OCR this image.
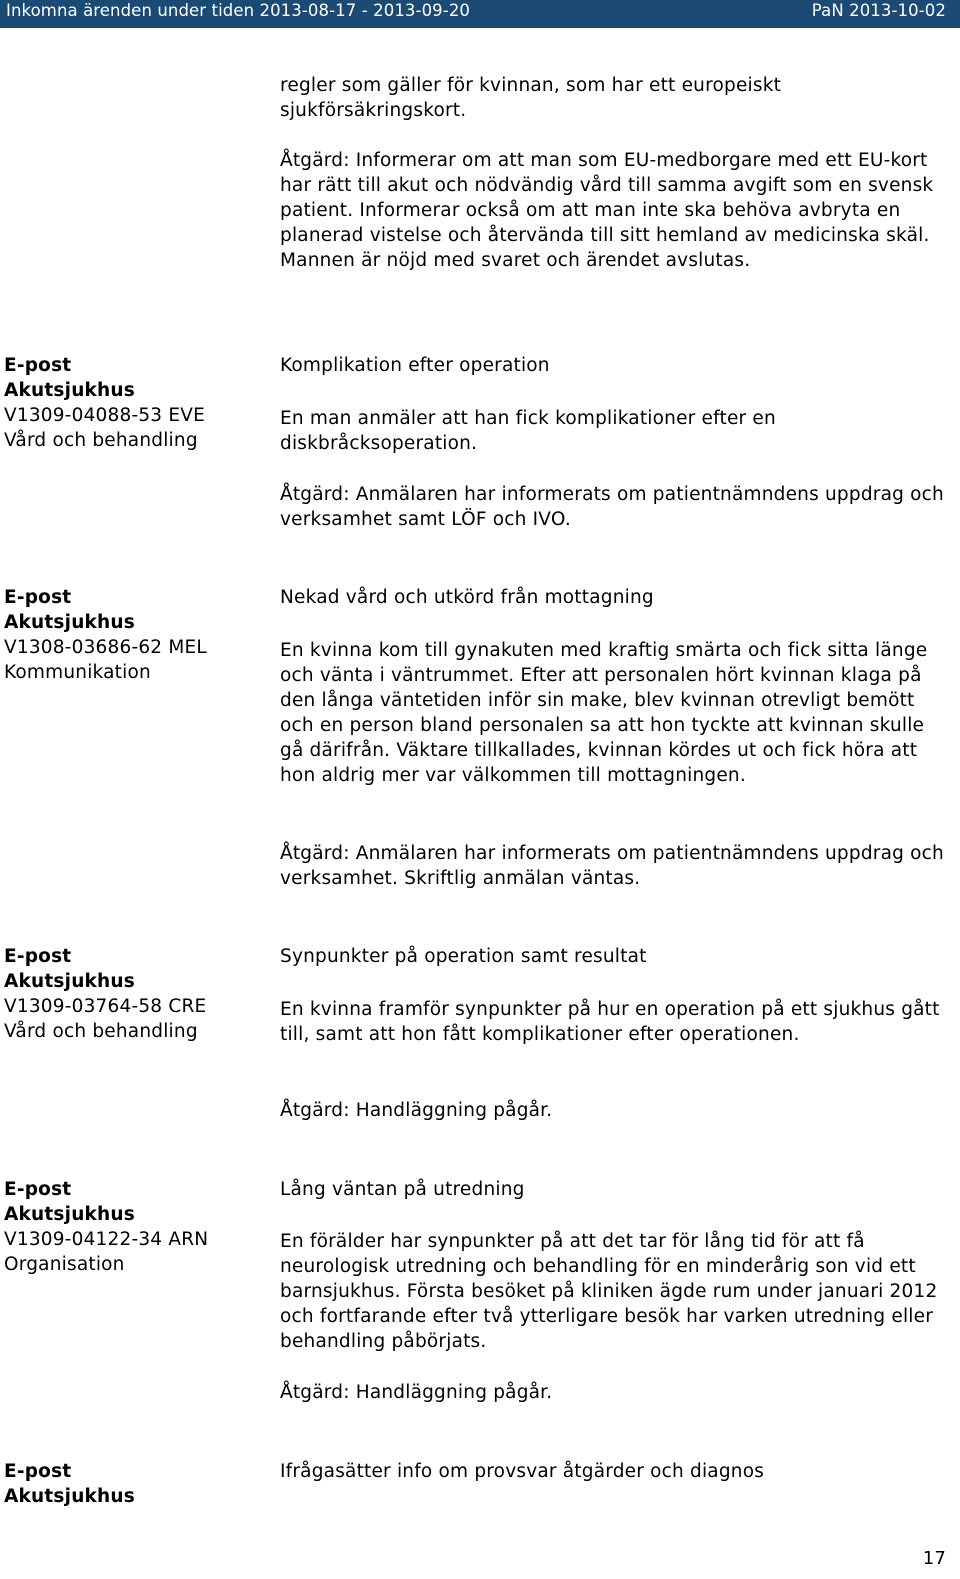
Inkomna ärenden under tiden 2013-08-17 - 2013-09-20	PaN 2013-10-02

regler som gäller för kvinnan, som har ett europeiskt sjukförsäkringskort.

Åtgärd: Informerar om att man som EU-medborgare med ett EU-kort har rätt till akut och nödvändig vård till samma avgift som en svensk patient. Informerar också om att man inte ska behöva avbryta en planerad vistelse och återvända till sitt hemland av medicinska skäl. Mannen är nöjd med svaret och ärendet avslutas.

E-post
Akutsjukhus
V1309-04088-53 EVE
Vård och behandling

Komplikation efter operation

En man anmäler att han fick komplikationer efter en diskbråcksoperation.

Åtgärd: Anmälaren har informerats om patientnämndens uppdrag och verksamhet samt LÖF och IVO.

E-post
Akutsjukhus
V1308-03686-62 MEL
Kommunikation

Nekad vård och utkörd från mottagning

En kvinna kom till gynakuten med kraftig smärta och fick sitta länge och vänta i väntrummet. Efter att personalen hört kvinnan klaga på den långa väntetiden inför sin make, blev kvinnan otrevligt bemött och en person bland personalen sa att hon tyckte att kvinnan skulle gå därifrån. Väktare tillkallades, kvinnan kördes ut och fick höra att hon aldrig mer var välkommen till mottagningen.

Åtgärd: Anmälaren har informerats om patientnämndens uppdrag och verksamhet. Skriftlig anmälan väntas.

E-post
Akutsjukhus
V1309-03764-58 CRE
Vård och behandling

Synpunkter på operation samt resultat

En kvinna framför synpunkter på hur en operation på ett sjukhus gått till, samt att hon fått komplikationer efter operationen.

Åtgärd: Handläggning pågår.

E-post
Akutsjukhus
V1309-04122-34 ARN
Organisation

Lång väntan på utredning

En förälder har synpunkter på att det tar för lång tid för att få neurologisk utredning och behandling för en minderårig son vid ett barnsjukhus. Första besöket på kliniken ägde rum under januari 2012 och fortfarande efter två ytterligare besök har varken utredning eller behandling påbörjats.

Åtgärd: Handläggning pågår.

E-post
Akutsjukhus

Ifrågasätter info om provsvar åtgärder och diagnos

17
